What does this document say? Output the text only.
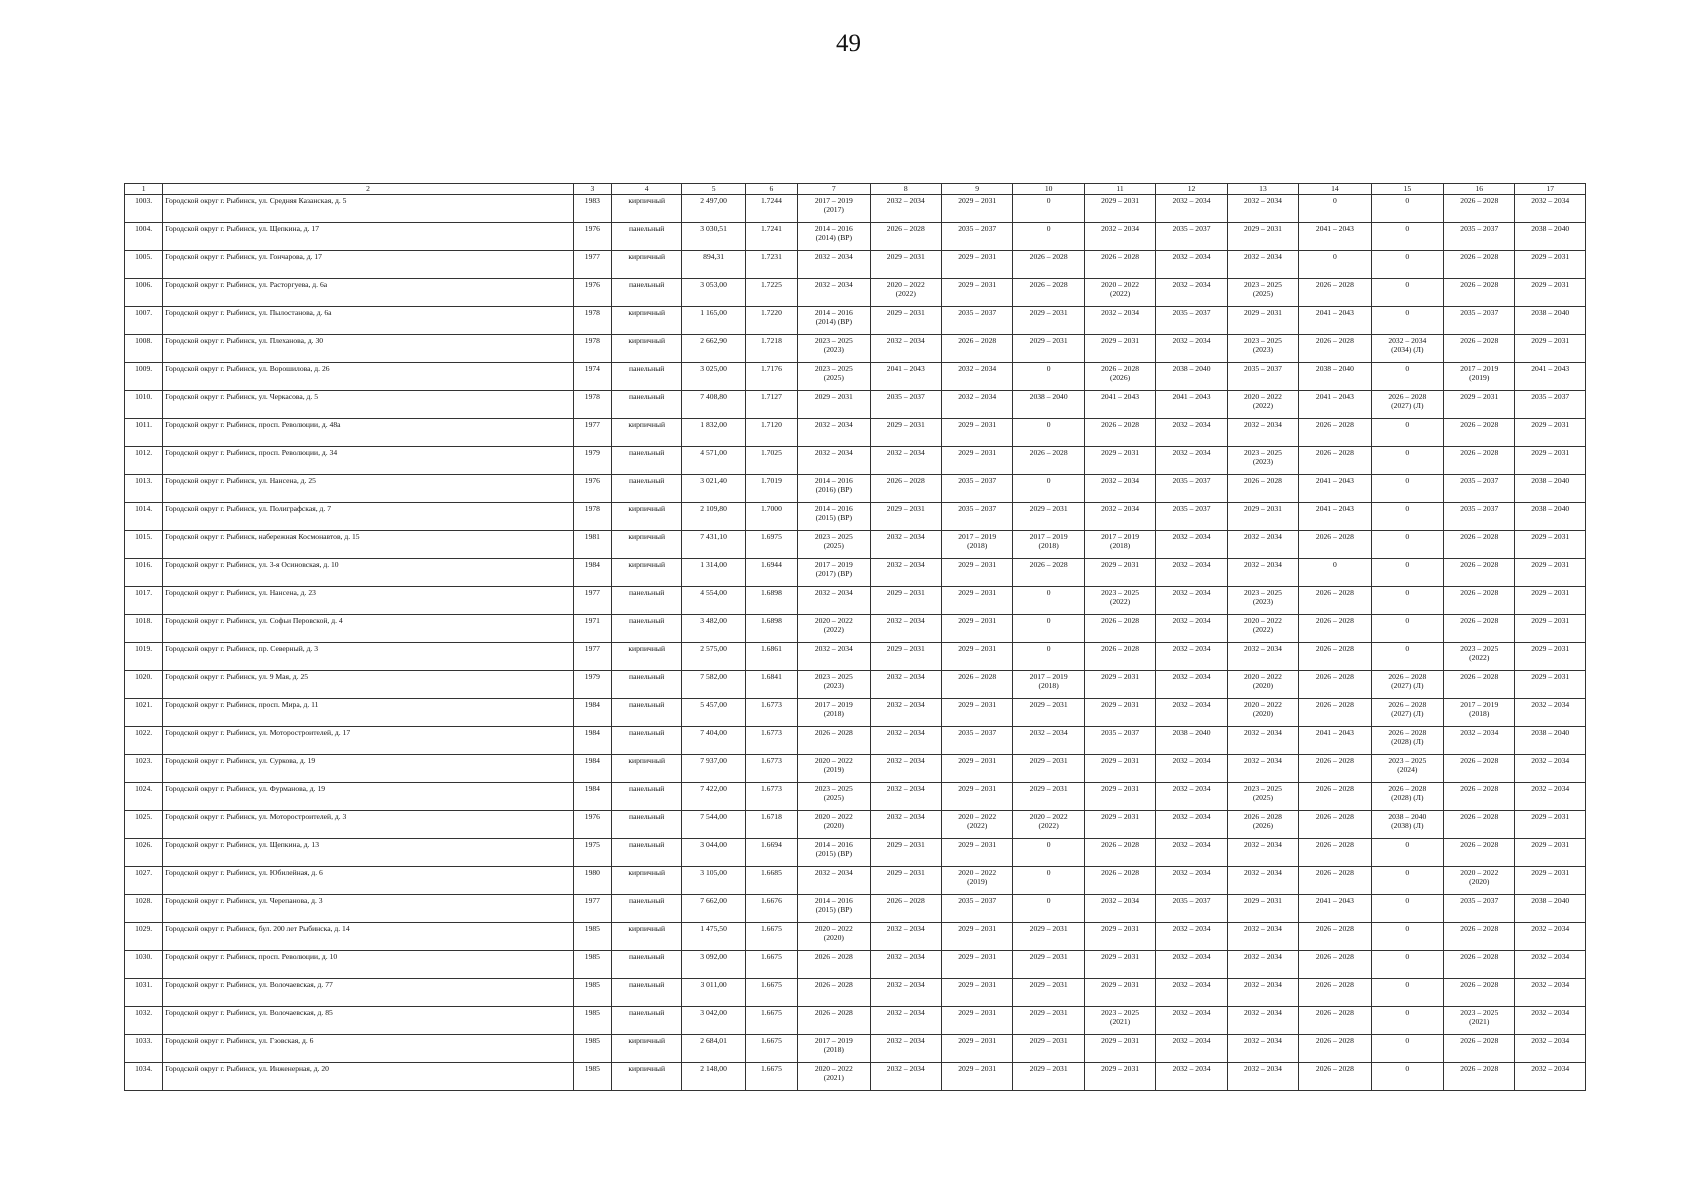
49
1	2	3	4	5	6	7	8	9	10	11	12	13	14	15	16	17

1003.	Городской округ г. Рыбинск, ул. Средняя Казанская, д. 5	1983	кирпичный	2 497,00	1.7244	2017 – 2019
(2017)	2032 – 2034	2029 – 2031	0	2029 – 2031	2032 – 2034	2032 – 2034	0	0	2026 – 2028	2032 – 2034

1004.	Городской округ г. Рыбинск, ул. Щепкина, д. 17	1976	панельный	3 030,51	1.7241	2014 – 2016
(2014) (ВР)	2026 – 2028	2035 – 2037	0	2032 – 2034	2035 – 2037	2029 – 2031	2041 – 2043	0	2035 – 2037	2038 – 2040

1005.	Городской округ г. Рыбинск, ул. Гончарова, д. 17	1977	кирпичный	894,31	1.7231	2032 – 2034	2029 – 2031	2029 – 2031	2026 – 2028	2026 – 2028	2032 – 2034	2032 – 2034	0	0	2026 – 2028	2029 – 2031

1006.	Городской округ г. Рыбинск, ул. Расторгуева, д. 6а	1976	панельный	3 053,00	1.7225	2032 – 2034	2020 – 2022
(2022)	2029 – 2031	2026 – 2028	2020 – 2022
(2022)	2032 – 2034	2023 – 2025
(2025)	2026 – 2028	0	2026 – 2028	2029 – 2031

1007.	Городской округ г. Рыбинск, ул. Пылостанова, д. 6а	1978	кирпичный	1 165,00	1.7220	2014 – 2016
(2014) (ВР)	2029 – 2031	2035 – 2037	2029 – 2031	2032 – 2034	2035 – 2037	2029 – 2031	2041 – 2043	0	2035 – 2037	2038 – 2040

1008.	Городской округ г. Рыбинск, ул. Плеханова, д. 30	1978	кирпичный	2 662,90	1.7218	2023 – 2025
(2023)	2032 – 2034	2026 – 2028	2029 – 2031	2029 – 2031	2032 – 2034	2023 – 2025
(2023)	2026 – 2028	2032 – 2034
(2034) (Л)	2026 – 2028	2029 – 2031

1009.	Городской округ г. Рыбинск, ул. Ворошилова, д. 26	1974	панельный	3 025,00	1.7176	2023 – 2025
(2025)	2041 – 2043	2032 – 2034	0	2026 – 2028
(2026)	2038 – 2040	2035 – 2037	2038 – 2040	0	2017 – 2019
(2019)	2041 – 2043

1010.	Городской округ г. Рыбинск, ул. Черкасова, д. 5	1978	панельный	7 408,80	1.7127	2029 – 2031	2035 – 2037	2032 – 2034	2038 – 2040	2041 – 2043	2041 – 2043	2020 – 2022
(2022)	2041 – 2043	2026 – 2028
(2027) (Л)	2029 – 2031	2035 – 2037

1011.	Городской округ г. Рыбинск, просп. Революции, д. 48а	1977	кирпичный	1 832,00	1.7120	2032 – 2034	2029 – 2031	2029 – 2031	0	2026 – 2028	2032 – 2034	2032 – 2034	2026 – 2028	0	2026 – 2028	2029 – 2031

1012.	Городской округ г. Рыбинск, просп. Революции, д. 34	1979	панельный	4 571,00	1.7025	2032 – 2034	2032 – 2034	2029 – 2031	2026 – 2028	2029 – 2031	2032 – 2034	2023 – 2025
(2023)	2026 – 2028	0	2026 – 2028	2029 – 2031

1013.	Городской округ г. Рыбинск, ул. Нансена, д. 25	1976	панельный	3 021,40	1.7019	2014 – 2016
(2016) (ВР)	2026 – 2028	2035 – 2037	0	2032 – 2034	2035 – 2037	2026 – 2028	2041 – 2043	0	2035 – 2037	2038 – 2040

1014.	Городской округ г. Рыбинск, ул. Полиграфская, д. 7	1978	кирпичный	2 109,80	1.7000	2014 – 2016
(2015) (ВР)	2029 – 2031	2035 – 2037	2029 – 2031	2032 – 2034	2035 – 2037	2029 – 2031	2041 – 2043	0	2035 – 2037	2038 – 2040

1015.	Городской округ г. Рыбинск, набережная Космонавтов, д. 15	1981	кирпичный	7 431,10	1.6975	2023 – 2025
(2025)	2032 – 2034	2017 – 2019
(2018)	2017 – 2019
(2018)	2017 – 2019
(2018)	2032 – 2034	2032 – 2034	2026 – 2028	0	2026 – 2028	2029 – 2031

1016.	Городской округ г. Рыбинск, ул. 3-я Осиновская, д. 10	1984	кирпичный	1 314,00	1.6944	2017 – 2019
(2017) (ВР)	2032 – 2034	2029 – 2031	2026 – 2028	2029 – 2031	2032 – 2034	2032 – 2034	0	0	2026 – 2028	2029 – 2031

1017.	Городской округ г. Рыбинск, ул. Нансена, д. 23	1977	панельный	4 554,00	1.6898	2032 – 2034	2029 – 2031	2029 – 2031	0	2023 – 2025
(2022)	2032 – 2034	2023 – 2025
(2023)	2026 – 2028	0	2026 – 2028	2029 – 2031

1018.	Городской округ г. Рыбинск, ул. Софьи Перовской, д. 4	1971	панельный	3 482,00	1.6898	2020 – 2022
(2022)	2032 – 2034	2029 – 2031	0	2026 – 2028	2032 – 2034	2020 – 2022
(2022)	2026 – 2028	0	2026 – 2028	2029 – 2031

1019.	Городской округ г. Рыбинск, пр. Северный, д. 3	1977	кирпичный	2 575,00	1.6861	2032 – 2034	2029 – 2031	2029 – 2031	0	2026 – 2028	2032 – 2034	2032 – 2034	2026 – 2028	0	2023 – 2025
(2022)	2029 – 2031

1020.	Городской округ г. Рыбинск, ул. 9 Мая, д. 25	1979	панельный	7 582,00	1.6841	2023 – 2025
(2023)	2032 – 2034	2026 – 2028	2017 – 2019
(2018)	2029 – 2031	2032 – 2034	2020 – 2022
(2020)	2026 – 2028	2026 – 2028
(2027) (Л)	2026 – 2028	2029 – 2031

1021.	Городской округ г. Рыбинск, просп. Мира, д. 11	1984	панельный	5 457,00	1.6773	2017 – 2019
(2018)	2032 – 2034	2029 – 2031	2029 – 2031	2029 – 2031	2032 – 2034	2020 – 2022
(2020)	2026 – 2028	2026 – 2028
(2027) (Л)	2017 – 2019
(2018)	2032 – 2034

1022.	Городской округ г. Рыбинск, ул. Моторостроителей, д. 17	1984	панельный	7 404,00	1.6773	2026 – 2028	2032 – 2034	2035 – 2037	2032 – 2034	2035 – 2037	2038 – 2040	2032 – 2034	2041 – 2043	2026 – 2028
(2028) (Л)	2032 – 2034	2038 – 2040

1023.	Городской округ г. Рыбинск, ул. Суркова, д. 19	1984	кирпичный	7 937,00	1.6773	2020 – 2022
(2019)	2032 – 2034	2029 – 2031	2029 – 2031	2029 – 2031	2032 – 2034	2032 – 2034	2026 – 2028	2023 – 2025
(2024)	2026 – 2028	2032 – 2034

1024.	Городской округ г. Рыбинск, ул. Фурманова, д. 19	1984	панельный	7 422,00	1.6773	2023 – 2025
(2025)	2032 – 2034	2029 – 2031	2029 – 2031	2029 – 2031	2032 – 2034	2023 – 2025
(2025)	2026 – 2028	2026 – 2028
(2028) (Л)	2026 – 2028	2032 – 2034

1025.	Городской округ г. Рыбинск, ул. Моторостроителей, д. 3	1976	панельный	7 544,00	1.6718	2020 – 2022
(2020)	2032 – 2034	2020 – 2022
(2022)	2020 – 2022
(2022)	2029 – 2031	2032 – 2034	2026 – 2028
(2026)	2026 – 2028	2038 – 2040
(2038) (Л)	2026 – 2028	2029 – 2031

1026.	Городской округ г. Рыбинск, ул. Щепкина, д. 13	1975	панельный	3 044,00	1.6694	2014 – 2016
(2015) (ВР)	2029 – 2031	2029 – 2031	0	2026 – 2028	2032 – 2034	2032 – 2034	2026 – 2028	0	2026 – 2028	2029 – 2031

1027.	Городской округ г. Рыбинск, ул. Юбилейная, д. 6	1980	кирпичный	3 105,00	1.6685	2032 – 2034	2029 – 2031	2020 – 2022
(2019)	0	2026 – 2028	2032 – 2034	2032 – 2034	2026 – 2028	0	2020 – 2022
(2020)	2029 – 2031

1028.	Городской округ г. Рыбинск, ул. Черепанова, д. 3	1977	панельный	7 662,00	1.6676	2014 – 2016
(2015) (ВР)	2026 – 2028	2035 – 2037	0	2032 – 2034	2035 – 2037	2029 – 2031	2041 – 2043	0	2035 – 2037	2038 – 2040

1029.	Городской округ г. Рыбинск, бул. 200 лет Рыбинска, д. 14	1985	кирпичный	1 475,50	1.6675	2020 – 2022
(2020)	2032 – 2034	2029 – 2031	2029 – 2031	2029 – 2031	2032 – 2034	2032 – 2034	2026 – 2028	0	2026 – 2028	2032 – 2034

1030.	Городской округ г. Рыбинск, просп. Революции, д. 10	1985	панельный	3 092,00	1.6675	2026 – 2028	2032 – 2034	2029 – 2031	2029 – 2031	2029 – 2031	2032 – 2034	2032 – 2034	2026 – 2028	0	2026 – 2028	2032 – 2034

1031.	Городской округ г. Рыбинск, ул. Волочаевская, д. 77	1985	панельный	3 011,00	1.6675	2026 – 2028	2032 – 2034	2029 – 2031	2029 – 2031	2029 – 2031	2032 – 2034	2032 – 2034	2026 – 2028	0	2026 – 2028	2032 – 2034

1032.	Городской округ г. Рыбинск, ул. Волочаевская, д. 85	1985	панельный	3 042,00	1.6675	2026 – 2028	2032 – 2034	2029 – 2031	2029 – 2031	2023 – 2025
(2021)	2032 – 2034	2032 – 2034	2026 – 2028	0	2023 – 2025
(2021)	2032 – 2034

1033.	Городской округ г. Рыбинск, ул. Гзовская, д. 6	1985	кирпичный	2 684,01	1.6675	2017 – 2019
(2018)	2032 – 2034	2029 – 2031	2029 – 2031	2029 – 2031	2032 – 2034	2032 – 2034	2026 – 2028	0	2026 – 2028	2032 – 2034

1034.	Городской округ г. Рыбинск, ул. Инженерная, д. 20	1985	кирпичный	2 148,00	1.6675	2020 – 2022
(2021)	2032 – 2034	2029 – 2031	2029 – 2031	2029 – 2031	2032 – 2034	2032 – 2034	2026 – 2028	0	2026 – 2028	2032 – 2034
